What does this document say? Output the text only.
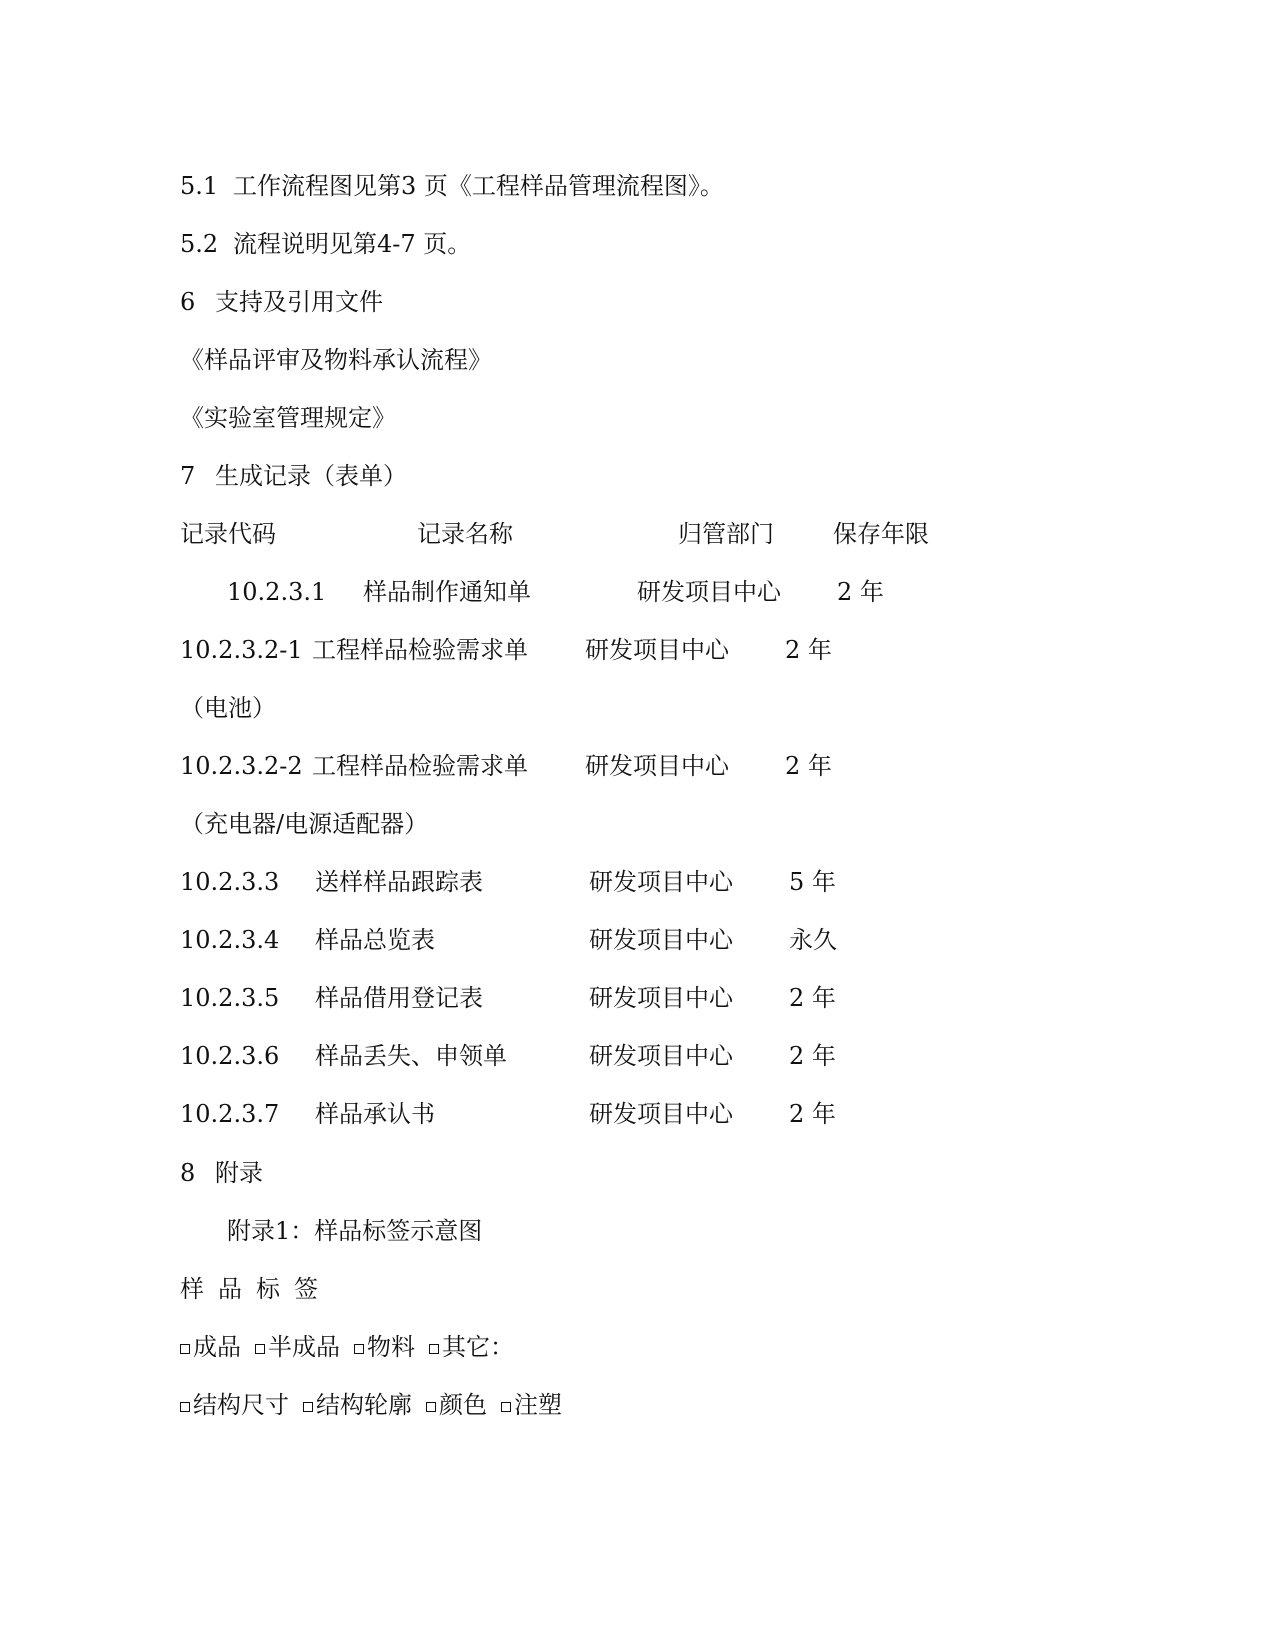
5.1 工作流程图见第3 页《工程样品管理流程图》。
5.2 流程说明见第4-7 页。
6 支持及引用文件
《样品评审及物料承认流程》
《实验室管理规定》
7 生成记录（表单）
记录代码	记录名称	归管部门 保存年限
10.2.3.1 样品制作通知单	研发项目中心 2 年
10.2.3.2-1 工程样品检验需求单 研发项目中心 2 年
（电池）
10.2.3.2-2 工程样品检验需求单 研发项目中心 2 年
（充电器/电源适配器）
10.2.3.3 送样样品跟踪表	研发项目中心 5 年
10.2.3.4 样品总览表	研发项目中心 永久
10.2.3.5 样品借用登记表	研发项目中心 2 年
10.2.3.6 样品丢失、申领单	研发项目中心 2 年
10.2.3.7 样品承认书	研发项目中心 2 年
8 附录
附录1：样品标签示意图
样品标签
成品 半成品 物料 其它：
结构尺寸 结构轮廓 颜色 注塑
